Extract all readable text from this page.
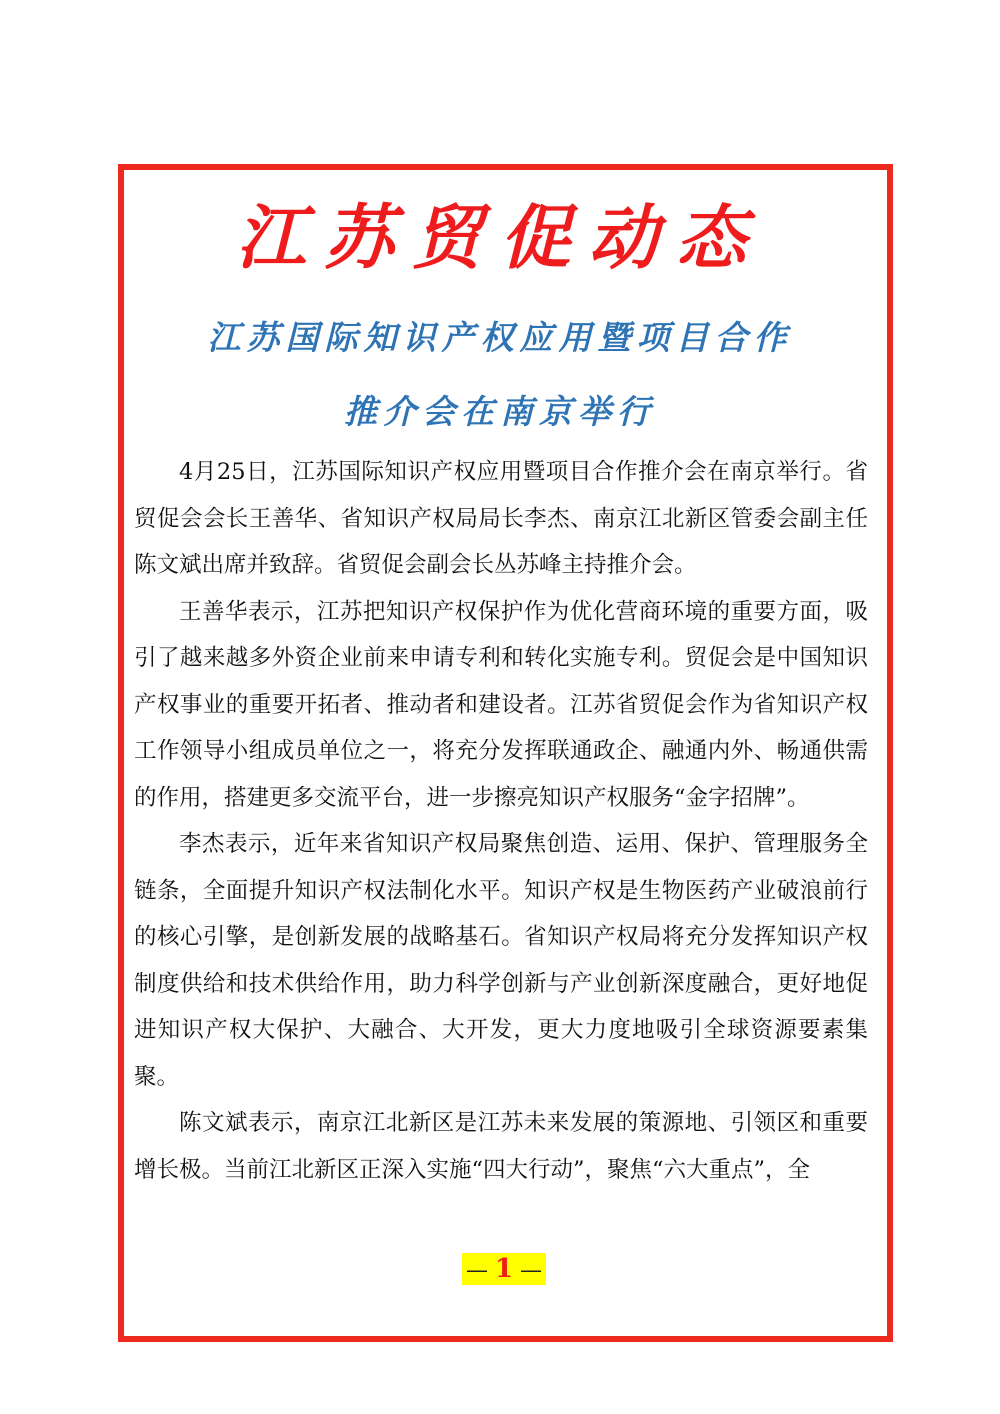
江苏贸促动态
江苏国际知识产权应用暨项目合作
推介会在南京举行

4月25日，江苏国际知识产权应用暨项目合作推介会在南京举行。省贸促会会长王善华、省知识产权局局长李杰、南京江北新区管委会副主任陈文斌出席并致辞。省贸促会副会长丛苏峰主持推介会。

王善华表示，江苏把知识产权保护作为优化营商环境的重要方面，吸引了越来越多外资企业前来申请专利和转化实施专利。贸促会是中国知识产权事业的重要开拓者、推动者和建设者。江苏省贸促会作为省知识产权工作领导小组成员单位之一，将充分发挥联通政企、融通内外、畅通供需的作用，搭建更多交流平台，进一步擦亮知识产权服务“金字招牌”。

李杰表示，近年来省知识产权局聚焦创造、运用、保护、管理服务全链条，全面提升知识产权法制化水平。知识产权是生物医药产业破浪前行的核心引擎，是创新发展的战略基石。省知识产权局将充分发挥知识产权制度供给和技术供给作用，助力科学创新与产业创新深度融合，更好地促进知识产权大保护、大融合、大开发，更大力度地吸引全球资源要素集聚。

陈文斌表示，南京江北新区是江苏未来发展的策源地、引领区和重要增长极。当前江北新区正深入实施“四大行动”，聚焦“六大重点”，全

— 1 —
